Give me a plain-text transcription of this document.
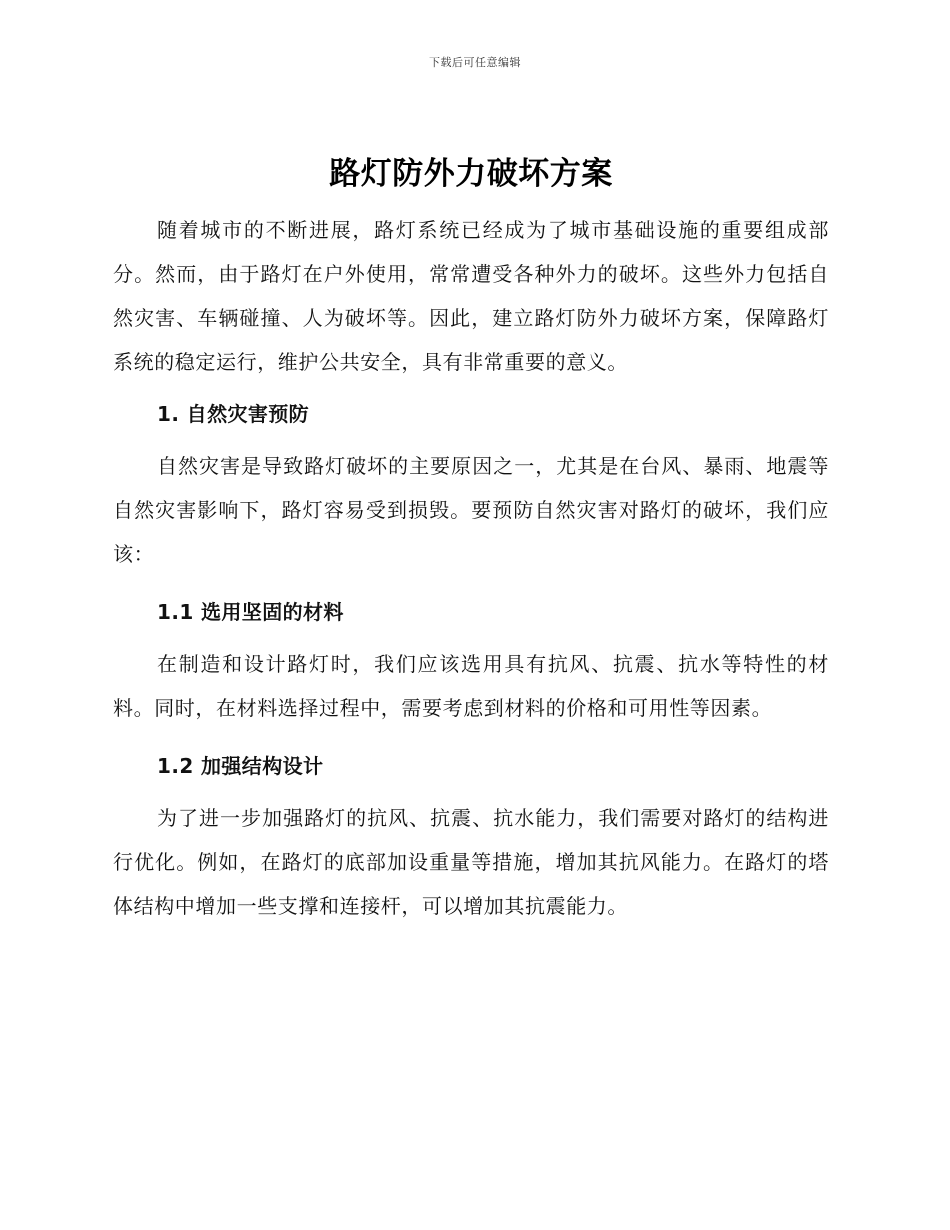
下载后可任意编辑
路灯防外力破坏方案

随着城市的不断进展，路灯系统已经成为了城市基础设施的重要组成部分。然而，由于路灯在户外使用，常常遭受各种外力的破坏。这些外力包括自然灾害、车辆碰撞、人为破坏等。因此，建立路灯防外力破坏方案，保障路灯系统的稳定运行，维护公共安全，具有非常重要的意义。

1. 自然灾害预防

自然灾害是导致路灯破坏的主要原因之一，尤其是在台风、暴雨、地震等自然灾害影响下，路灯容易受到损毁。要预防自然灾害对路灯的破坏，我们应该：

1.1 选用坚固的材料

在制造和设计路灯时，我们应该选用具有抗风、抗震、抗水等特性的材料。同时，在材料选择过程中，需要考虑到材料的价格和可用性等因素。

1.2 加强结构设计

为了进一步加强路灯的抗风、抗震、抗水能力，我们需要对路灯的结构进行优化。例如，在路灯的底部加设重量等措施，增加其抗风能力。在路灯的塔体结构中增加一些支撑和连接杆，可以增加其抗震能力。
